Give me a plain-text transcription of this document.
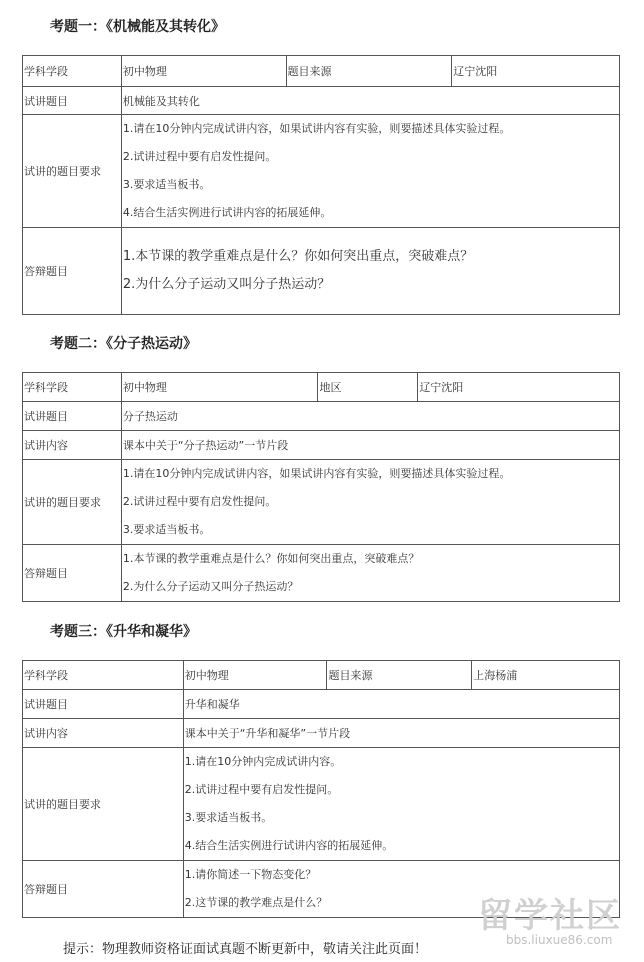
考题一：《机械能及其转化》
学科学段	初中物理	题目来源	辽宁沈阳
试讲题目	机械能及其转化		
试讲的题目要求	1.请在10分钟内完成试讲内容，如果试讲内容有实验，则要描述具体实验过程。
2.试讲过程中要有启发性提问。
3.要求适当板书。
4.结合生活实例进行试讲内容的拓展延伸。		

答辩题目	1.本节课的教学重难点是什么？你如何突出重点，突破难点？
2.为什么分子运动又叫分子热运动？		
考题二：《分子热运动》
学科学段	初中物理	地区	辽宁沈阳
试讲题目	分子热运动		
试讲内容	课本中关于“分子热运动”一节片段		
试讲的题目要求	1.请在10分钟内完成试讲内容，如果试讲内容有实验，则要描述具体实验过程。
2.试讲过程中要有启发性提问。
3.要求适当板书。		

答辩题目	1.本节课的教学重难点是什么？你如何突出重点，突破难点？
2.为什么分子运动又叫分子热运动？		
考题三：《升华和凝华》
学科学段	初中物理	题目来源	上海杨浦
试讲题目	升华和凝华		
试讲内容	课本中关于“升华和凝华”一节片段		
试讲的题目要求	1.请在10分钟内完成试讲内容。
2.试讲过程中要有启发性提问。
3.要求适当板书。
4.结合生活实例进行试讲内容的拓展延伸。		

答辩题目	1.请你简述一下物态变化？
2.这节课的教学难点是什么？		
提示：物理教师资格证面试真题不断更新中，敬请关注此页面！
留学社区
bbs.liuxue86.com
